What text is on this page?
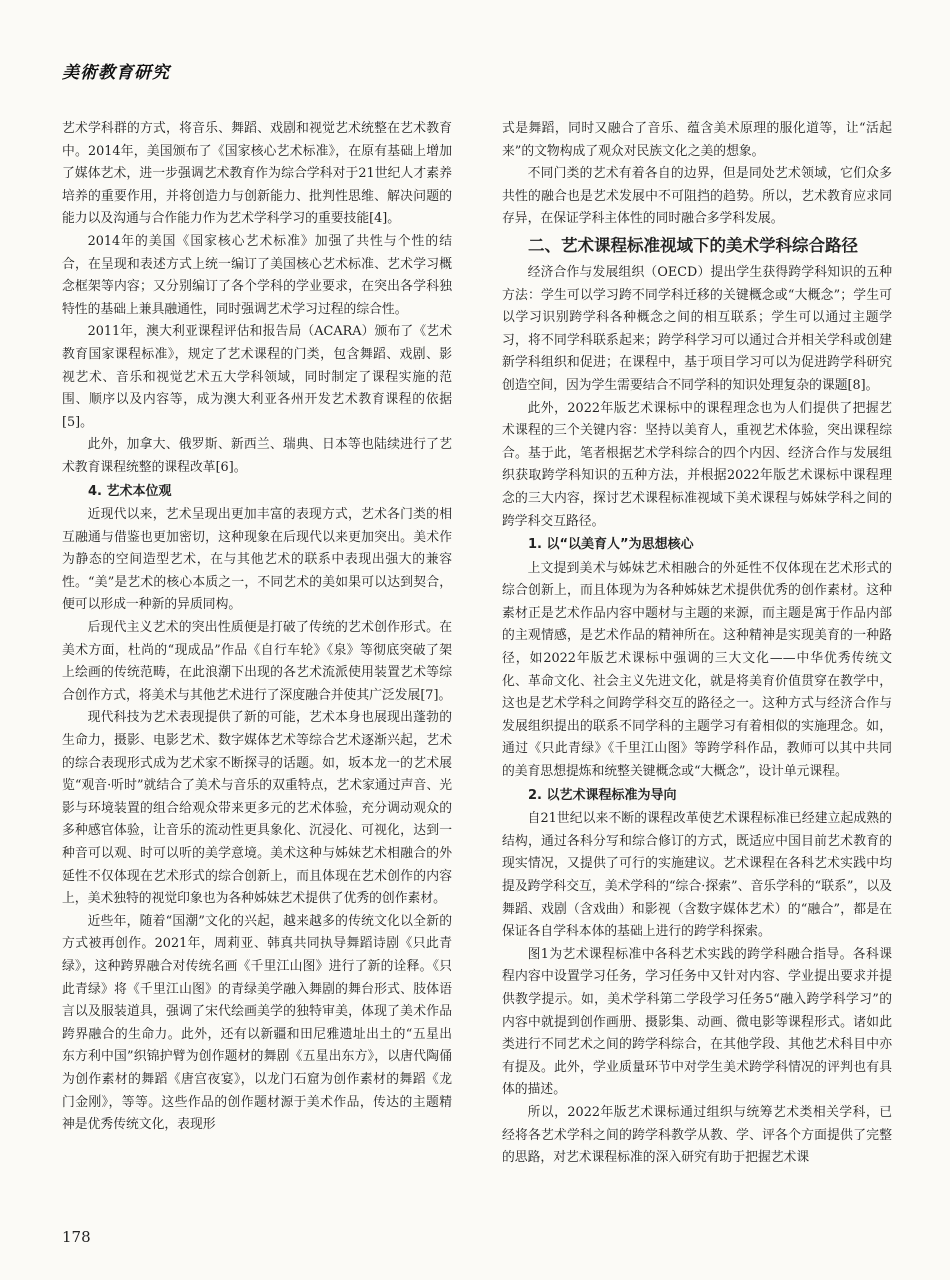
美術教育研究

艺术学科群的方式，将音乐、舞蹈、戏剧和视觉艺术统整在艺术教育中。2014年，美国颁布了《国家核心艺术标准》，在原有基础上增加了媒体艺术，进一步强调艺术教育作为综合学科对于21世纪人才素养培养的重要作用，并将创造力与创新能力、批判性思维、解决问题的能力以及沟通与合作能力作为艺术学科学习的重要技能[4]。

2014年的美国《国家核心艺术标准》加强了共性与个性的结合，在呈现和表述方式上统一编订了美国核心艺术标准、艺术学习概念框架等内容；又分别编订了各个学科的学业要求，在突出各学科独特性的基础上兼具融通性，同时强调艺术学习过程的综合性。

2011年，澳大利亚课程评估和报告局（ACARA）颁布了《艺术教育国家课程标准》，规定了艺术课程的门类，包含舞蹈、戏剧、影视艺术、音乐和视觉艺术五大学科领域，同时制定了课程实施的范围、顺序以及内容等，成为澳大利亚各州开发艺术教育课程的依据[5]。

此外，加拿大、俄罗斯、新西兰、瑞典、日本等也陆续进行了艺术教育课程统整的课程改革[6]。

4. 艺术本位观

近现代以来，艺术呈现出更加丰富的表现方式，艺术各门类的相互融通与借鉴也更加密切，这种现象在后现代以来更加突出。美术作为静态的空间造型艺术，在与其他艺术的联系中表现出强大的兼容性。“美”是艺术的核心本质之一，不同艺术的美如果可以达到契合，便可以形成一种新的异质同构。

后现代主义艺术的突出性质便是打破了传统的艺术创作形式。在美术方面，杜尚的“现成品”作品《自行车轮》《泉》等彻底突破了架上绘画的传统范畴，在此浪潮下出现的各艺术流派使用装置艺术等综合创作方式，将美术与其他艺术进行了深度融合并使其广泛发展[7]。

现代科技为艺术表现提供了新的可能，艺术本身也展现出蓬勃的生命力，摄影、电影艺术、数字媒体艺术等综合艺术逐渐兴起，艺术的综合表现形式成为艺术家不断探寻的话题。如，坂本龙一的艺术展览“观音·听时”就结合了美术与音乐的双重特点，艺术家通过声音、光影与环境装置的组合给观众带来更多元的艺术体验，充分调动观众的多种感官体验，让音乐的流动性更具象化、沉浸化、可视化，达到一种音可以观、时可以听的美学意境。美术这种与姊妹艺术相融合的外延性不仅体现在艺术形式的综合创新上，而且体现在艺术创作的内容上，美术独特的视觉印象也为各种姊妹艺术提供了优秀的创作素材。

近些年，随着“国潮”文化的兴起，越来越多的传统文化以全新的方式被再创作。2021年，周莉亚、韩真共同执导舞蹈诗剧《只此青绿》，这种跨界融合对传统名画《千里江山图》进行了新的诠释。《只此青绿》将《千里江山图》的青绿美学融入舞剧的舞台形式、肢体语言以及服装道具，强调了宋代绘画美学的独特审美，体现了美术作品跨界融合的生命力。此外，还有以新疆和田尼雅遗址出土的“五星出东方利中国”织锦护臂为创作题材的舞剧《五星出东方》，以唐代陶俑为创作素材的舞蹈《唐宫夜宴》，以龙门石窟为创作素材的舞蹈《龙门金刚》，等等。这些作品的创作题材源于美术作品，传达的主题精神是优秀传统文化，表现形

式是舞蹈，同时又融合了音乐、蕴含美术原理的服化道等，让“活起来”的文物构成了观众对民族文化之美的想象。

不同门类的艺术有着各自的边界，但是同处艺术领域，它们众多共性的融合也是艺术发展中不可阻挡的趋势。所以，艺术教育应求同存异，在保证学科主体性的同时融合多学科发展。

二、艺术课程标准视域下的美术学科综合路径

经济合作与发展组织（OECD）提出学生获得跨学科知识的五种方法：学生可以学习跨不同学科迁移的关键概念或“大概念”；学生可以学习识别跨学科各种概念之间的相互联系；学生可以通过主题学习，将不同学科联系起来；跨学科学习可以通过合并相关学科或创建新学科组织和促进；在课程中，基于项目学习可以为促进跨学科研究创造空间，因为学生需要结合不同学科的知识处理复杂的课题[8]。

此外，2022年版艺术课标中的课程理念也为人们提供了把握艺术课程的三个关键内容：坚持以美育人，重视艺术体验，突出课程综合。基于此，笔者根据艺术学科综合的四个内因、经济合作与发展组织获取跨学科知识的五种方法，并根据2022年版艺术课标中课程理念的三大内容，探讨艺术课程标准视域下美术课程与姊妹学科之间的跨学科交互路径。

1. 以“以美育人”为思想核心

上文提到美术与姊妹艺术相融合的外延性不仅体现在艺术形式的综合创新上，而且体现为为各种姊妹艺术提供优秀的创作素材。这种素材正是艺术作品内容中题材与主题的来源，而主题是寓于作品内部的主观情感，是艺术作品的精神所在。这种精神是实现美育的一种路径，如2022年版艺术课标中强调的三大文化——中华优秀传统文化、革命文化、社会主义先进文化，就是将美育价值贯穿在教学中，这也是艺术学科之间跨学科交互的路径之一。这种方式与经济合作与发展组织提出的联系不同学科的主题学习有着相似的实施理念。如，通过《只此青绿》《千里江山图》等跨学科作品，教师可以其中共同的美育思想提炼和统整关键概念或“大概念”，设计单元课程。

2. 以艺术课程标准为导向

自21世纪以来不断的课程改革使艺术课程标准已经建立起成熟的结构，通过各科分写和综合修订的方式，既适应中国目前艺术教育的现实情况，又提供了可行的实施建议。艺术课程在各科艺术实践中均提及跨学科交互，美术学科的“综合·探索”、音乐学科的“联系”，以及舞蹈、戏剧（含戏曲）和影视（含数字媒体艺术）的“融合”，都是在保证各自学科本体的基础上进行的跨学科探索。

图1为艺术课程标准中各科艺术实践的跨学科融合指导。各科课程内容中设置学习任务，学习任务中又针对内容、学业提出要求并提供教学提示。如，美术学科第二学段学习任务5“融入跨学科学习”的内容中就提到创作画册、摄影集、动画、微电影等课程形式。诸如此类进行不同艺术之间的跨学科综合，在其他学段、其他艺术科目中亦有提及。此外，学业质量环节中对学生美术跨学科情况的评判也有具体的描述。

所以，2022年版艺术课标通过组织与统筹艺术类相关学科，已经将各艺术学科之间的跨学科教学从教、学、评各个方面提供了完整的思路，对艺术课程标准的深入研究有助于把握艺术课

178
